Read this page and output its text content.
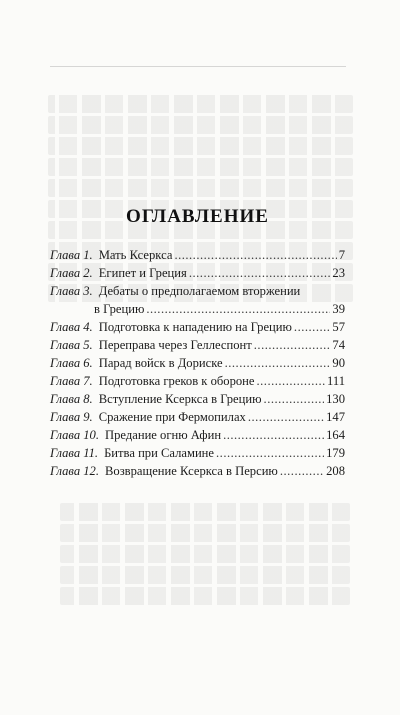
ОГЛАВЛЕНИЕ
Глава 1. Мать Ксеркса .....	7
Глава 2. Египет и Греция .....	23
Глава 3. Дебаты о предполагаемом вторжении
в Грецию .....	39
Глава 4. Подготовка к нападению на Грецию .....	57
Глава 5. Переправа через Геллеспонт .....	74
Глава 6. Парад войск в Дориске .....	90
Глава 7. Подготовка греков к обороне .....	111
Глава 8. Вступление Ксеркса в Грецию .....	130
Глава 9. Сражение при Фермопилах .....	147
Глава 10. Предание огню Афин .....	164
Глава 11. Битва при Саламине .....	179
Глава 12. Возвращение Ксеркса в Персию .....	208
